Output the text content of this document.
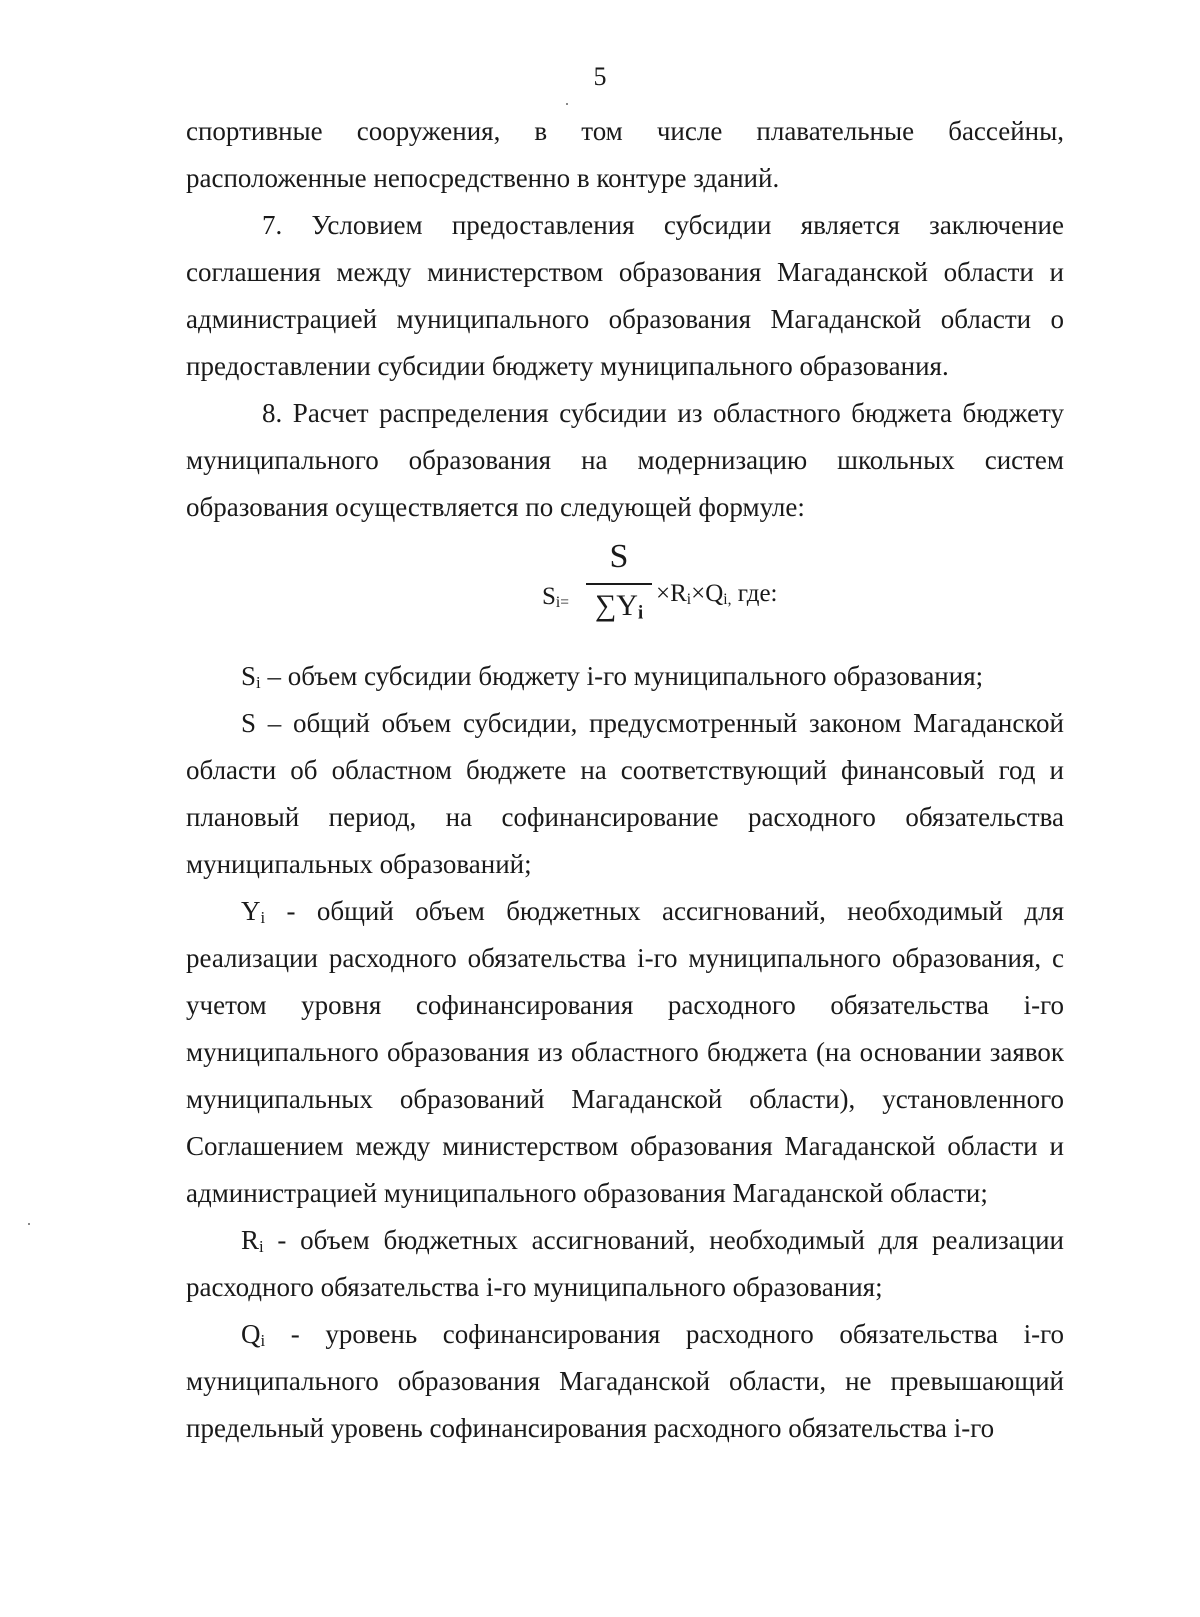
5

спортивные сооружения, в том числе плавательные бассейны, расположенные непосредственно в контуре зданий.

7. Условием предоставления субсидии является заключение соглашения между министерством образования Магаданской области и администрацией муниципального образования Магаданской области о предоставлении субсидии бюджету муниципального образования.

8. Расчет распределения субсидии из областного бюджета бюджету муниципального образования на модернизацию школьных систем образования осуществляется по следующей формуле:

$S_{i=}$
S
$\sum Y_i$
$\times R_i\times Q_{i,}$ где:

$S_i$ – объем субсидии бюджету i-го муниципального образования;

S – общий объем субсидии, предусмотренный законом Магаданской области об областном бюджете на соответствующий финансовый год и плановый период, на софинансирование расходного обязательства муниципальных образований;

$Y_i$ - общий объем бюджетных ассигнований, необходимый для реализации расходного обязательства i-го муниципального образования, с учетом уровня софинансирования расходного обязательства i-го муниципального образования из областного бюджета (на основании заявок муниципальных образований Магаданской области), установленного Соглашением между министерством образования Магаданской области и администрацией муниципального образования Магаданской области;

$R_i$ - объем бюджетных ассигнований, необходимый для реализации расходного обязательства i-го муниципального образования;

$Q_i$ - уровень софинансирования расходного обязательства i-го муниципального образования Магаданской области, не превышающий предельный уровень софинансирования расходного обязательства i-го
